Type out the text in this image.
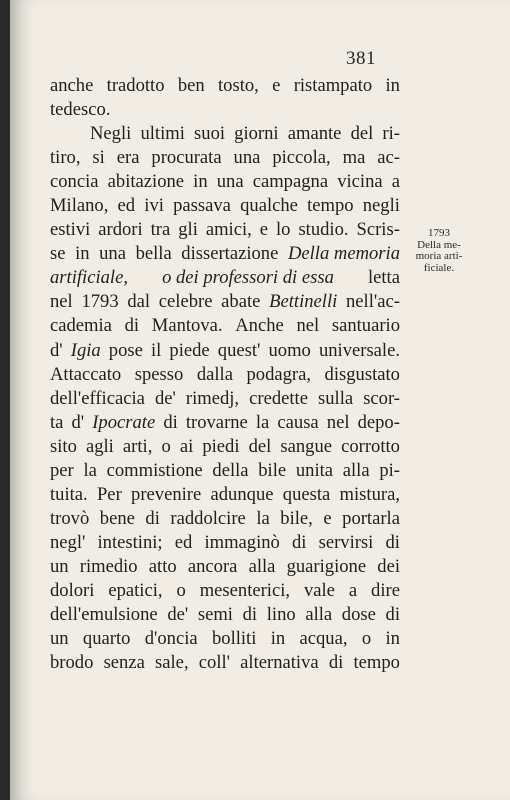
381
anche tradotto ben tosto, e ristampato in
tedesco.
Negli ultimi suoi giorni amante del ri-
tiro, si era procurata una piccola, ma ac-
concia abitazione in una campagna vicina a
Milano, ed ivi passava qualche tempo negli
estivi ardori tra gli amici, e lo studio. Scris-
se in una bella dissertazione Della memoria
artificiale, o dei professori di essa letta
nel 1793 dal celebre abate Bettinelli nell'ac-
cademia di Mantova. Anche nel santuario
d' Igia pose il piede quest' uomo universale.
Attaccato spesso dalla podagra, disgustato
dell'efficacia de' rimedj, credette sulla scor-
ta d' Ipocrate di trovarne la causa nel depo-
sito agli arti, o ai piedi del sangue corrotto
per la commistione della bile unita alla pi-
tuita. Per prevenire adunque questa mistura,
trovò bene di raddolcire la bile, e portarla
negl' intestini; ed immaginò di servirsi di
un rimedio atto ancora alla guarigione dei
dolori epatici, o mesenterici, vale a dire
dell'emulsione de' semi di lino alla dose di
un quarto d'oncia bolliti in acqua, o in
brodo senza sale, coll' alternativa di tempo
1793
Della me-
moria arti-
ficiale.
